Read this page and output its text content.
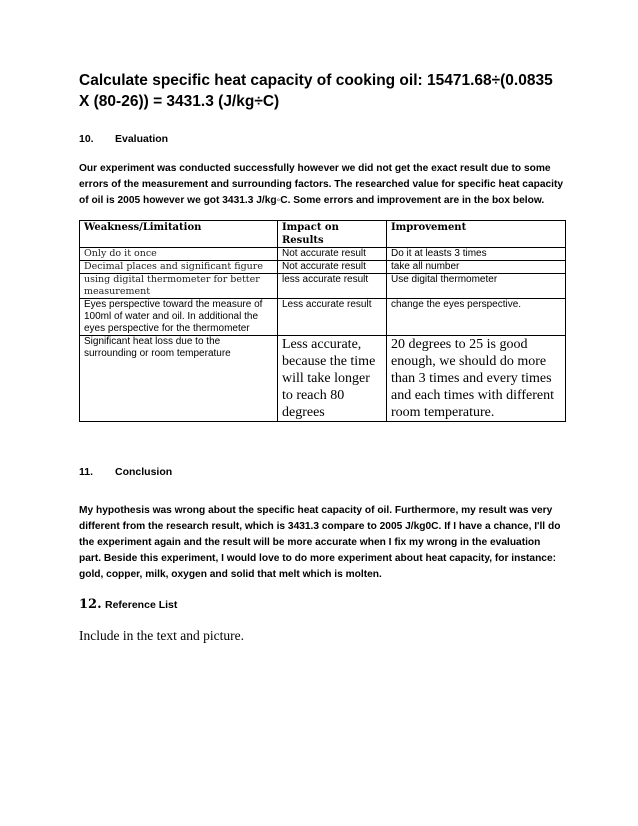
Calculate specific heat capacity of cooking oil: 15471.68÷(0.0835 X (80-26)) = 3431.3 (J/kg÷C)

10.	Evaluation

Our experiment was conducted successfully however we did not get the exact result due to some errors of the measurement and surrounding factors. The researched value for specific heat capacity of oil is 2005 however we got 3431.3 J/kg◦C. Some errors and improvement are in the box below.

Weakness/Limitation	Impact on Results	Improvement
Only do it once	Not accurate result	Do it at leasts 3 times
Decimal places and significant figure	Not accurate result	take all number
using digital thermometer for better measurement	less accurate result	Use digital thermometer
Eyes perspective toward the measure of 100ml of water and oil. In additional the eyes perspective for the thermometer	Less accurate result	change the eyes perspective.
Significant heat loss due to the surrounding or room temperature	Less accurate, because the time will take longer to reach 80 degrees	20 degrees to 25 is good enough, we should do more than 3 times and every times and each times with different room temperature.
11.	Conclusion

My hypothesis was wrong about the specific heat capacity of oil. Furthermore, my result was very different from the research result, which is 3431.3 compare to 2005 J/kg0C. If I have a chance, I'll do the experiment again and the result will be more accurate when I fix my wrong in the evaluation part. Beside this experiment, I would love to do more experiment about heat capacity, for instance: gold, copper, milk, oxygen and solid that melt which is molten.

12. Reference List

Include in the text and picture.
